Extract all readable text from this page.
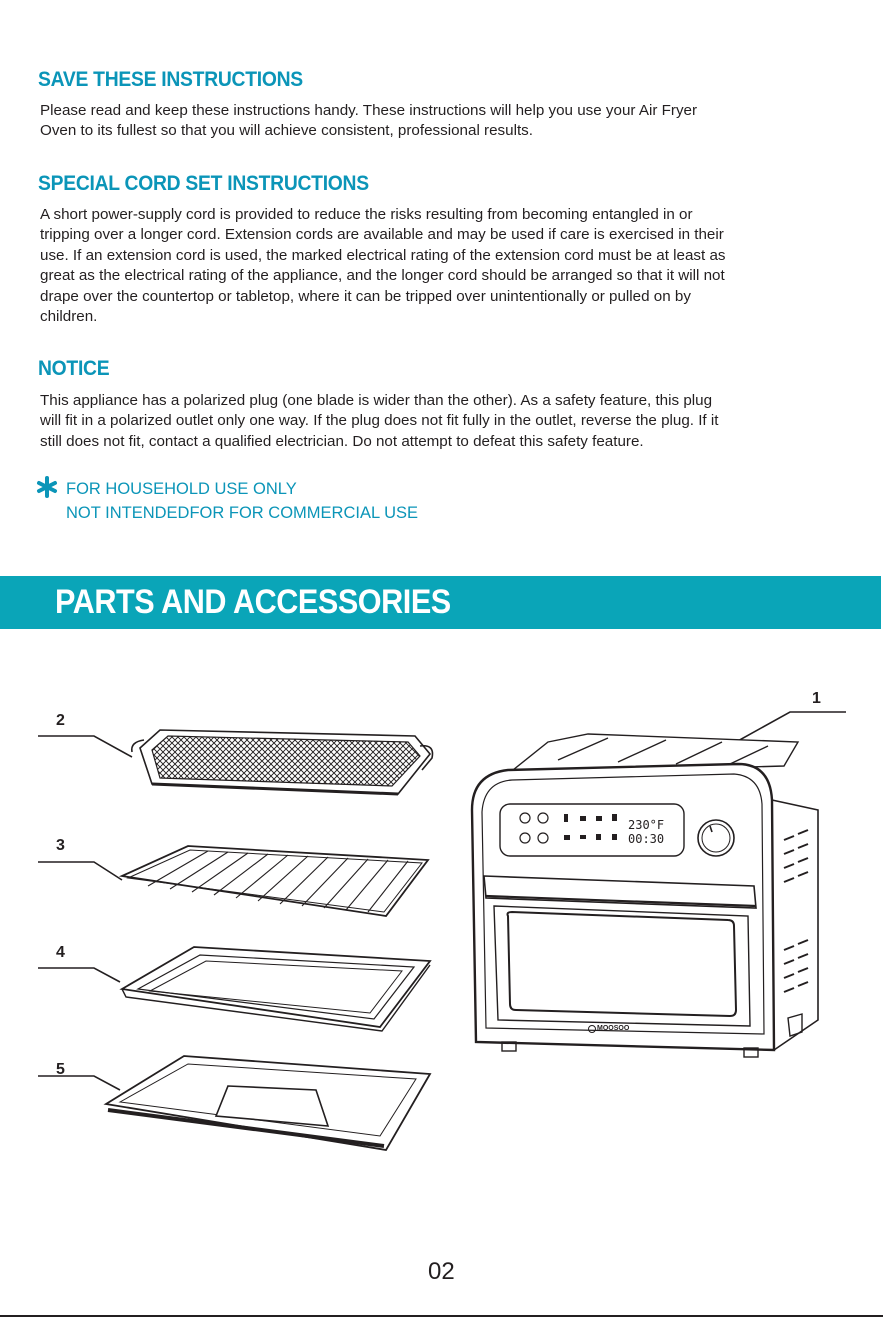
SAVE THESE INSTRUCTIONS
Please read and keep these instructions handy. These instructions will help you use your Air Fryer
Oven to its fullest so that you will achieve consistent, professional results.
SPECIAL CORD SET INSTRUCTIONS
A short power-supply cord is provided to reduce the risks resulting from becoming entangled in or
tripping over a longer cord. Extension cords are available and may be used if care is exercised in their
use. If an extension cord is used, the marked electrical rating of the extension cord must be at least as
great as the electrical rating of the appliance, and the longer cord should be arranged so that it will not
drape over the countertop or tabletop, where it can be tripped over unintentionally or pulled on by
children.
NOTICE
This appliance has a polarized plug (one blade is wider than the other). As a safety feature, this plug
will fit in a polarized outlet only one way. If the plug does not fit fully in the outlet, reverse the plug. If it
still does not fit, contact a qualified electrician. Do not attempt to defeat this safety feature.
FOR HOUSEHOLD USE ONLY
NOT INTENDEDFOR FOR COMMERCIAL USE
PARTS AND ACCESSORIES
1
2
3
4
5
230°F
00:30
MOOSOO
02
